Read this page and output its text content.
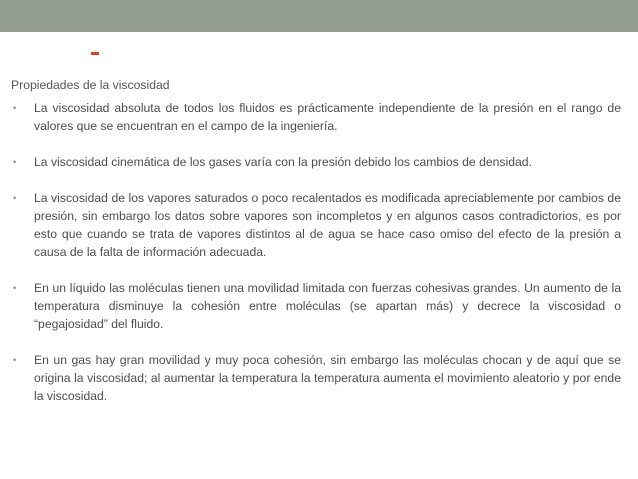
Propiedades de la viscosidad
• La viscosidad absoluta de todos los fluidos es prácticamente independiente de la presión en el rango de valores que se encuentran en el campo de la ingeniería.
• La viscosidad cinemática de los gases varía con la presión debido los cambios de densidad.
• La viscosidad de los vapores saturados o poco recalentados es modificada apreciablemente por cambios de presión, sin embargo los datos sobre vapores son incompletos y en algunos casos contradictorios, es por esto que cuando se trata de vapores distintos al de agua se hace caso omiso del efecto de la presión a causa de la falta de información adecuada.
• En un líquido las moléculas tienen una movilidad limitada con fuerzas cohesivas grandes. Un aumento de la temperatura disminuye la cohesión entre moléculas (se apartan más) y decrece la viscosidad o “pegajosidad” del fluido.
• En un gas hay gran movilidad y muy poca cohesión, sin embargo las moléculas chocan y de aquí que se origina la viscosidad; al aumentar la temperatura la temperatura aumenta el movimiento aleatorio y por ende la viscosidad.
